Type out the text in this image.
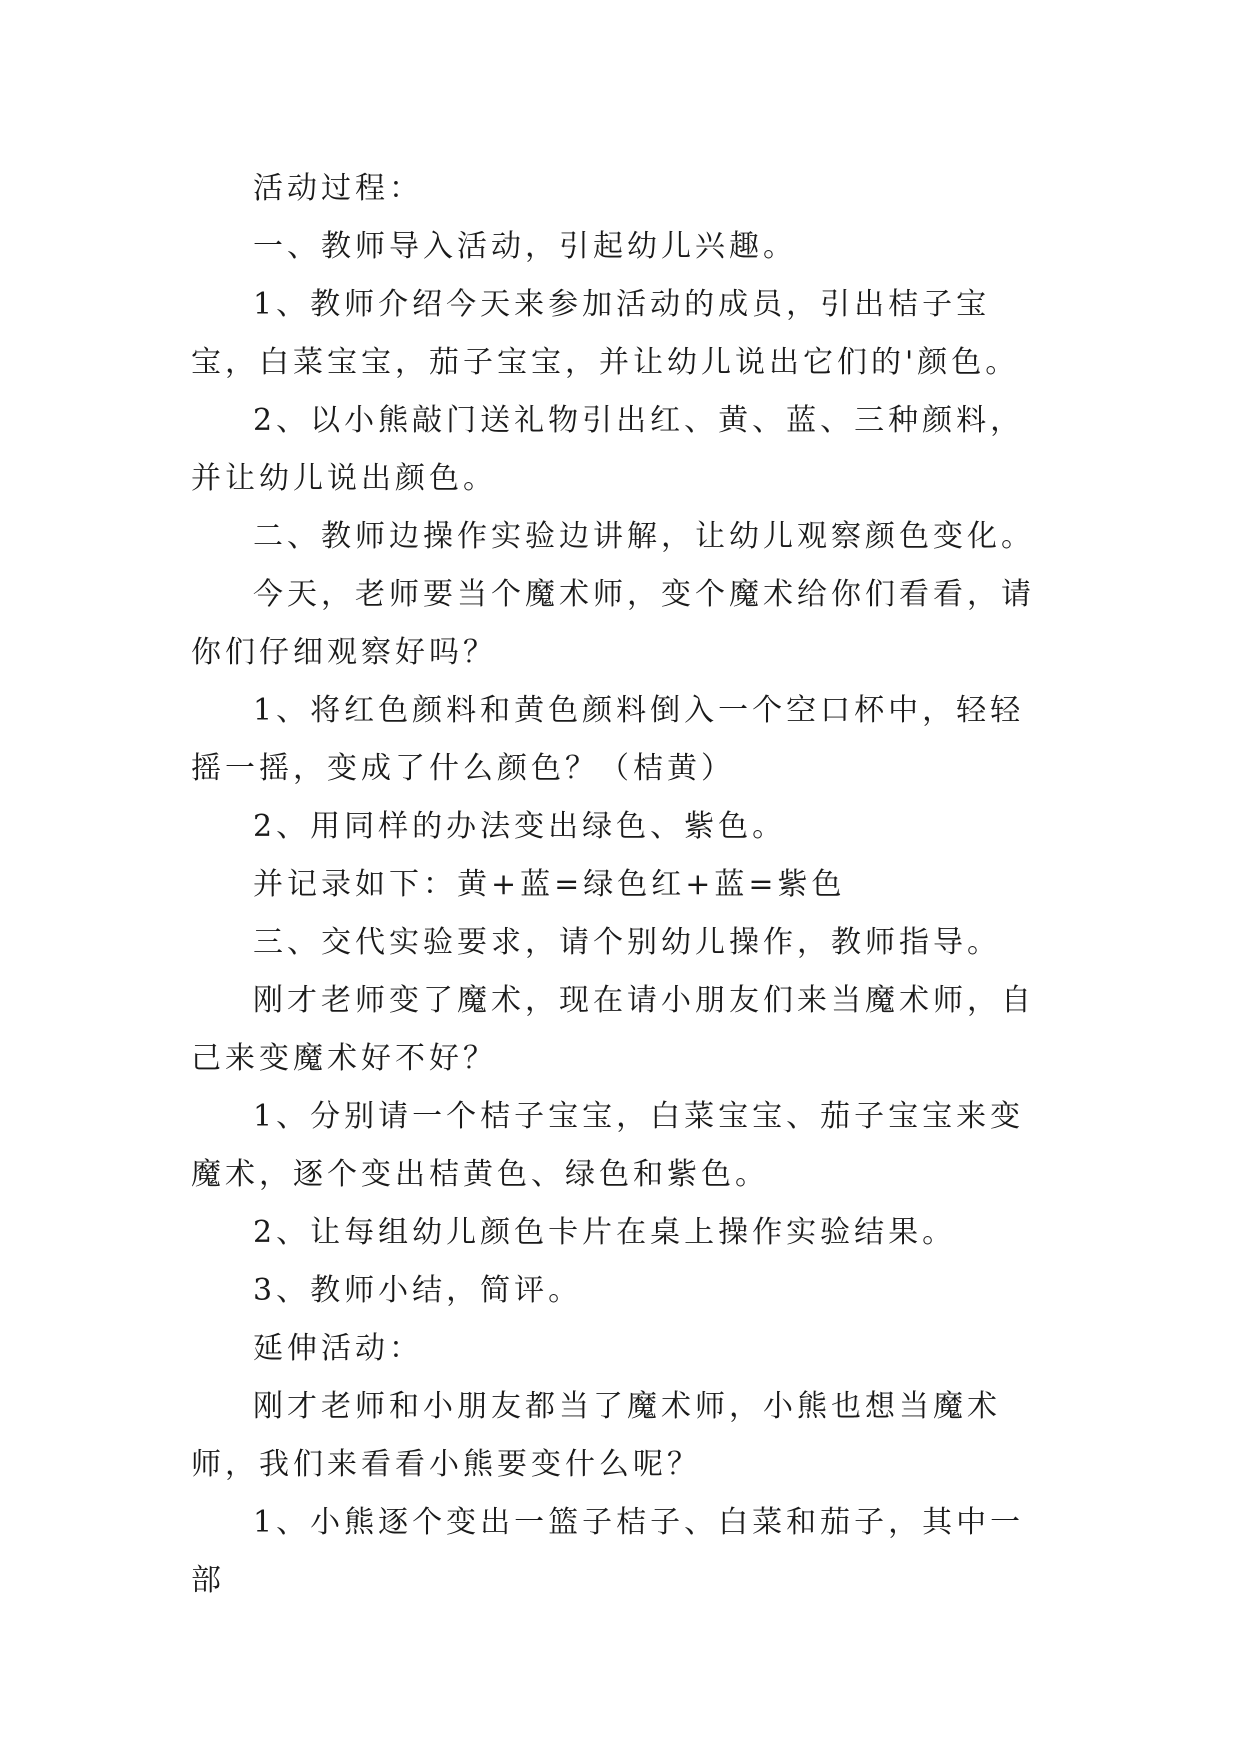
活动过程：

一、教师导入活动，引起幼儿兴趣。

1、教师介绍今天来参加活动的成员，引出桔子宝宝，白菜宝宝，茄子宝宝，并让幼儿说出它们的'颜色。

2、以小熊敲门送礼物引出红、黄、蓝、三种颜料，并让幼儿说出颜色。

二、教师边操作实验边讲解，让幼儿观察颜色变化。

今天，老师要当个魔术师，变个魔术给你们看看，请你们仔细观察好吗？

1、将红色颜料和黄色颜料倒入一个空口杯中，轻轻摇一摇，变成了什么颜色？（桔黄）

2、用同样的办法变出绿色、紫色。

并记录如下：黄+蓝=绿色红+蓝=紫色

三、交代实验要求，请个别幼儿操作，教师指导。

刚才老师变了魔术，现在请小朋友们来当魔术师，自己来变魔术好不好？

1、分别请一个桔子宝宝，白菜宝宝、茄子宝宝来变魔术，逐个变出桔黄色、绿色和紫色。

2、让每组幼儿颜色卡片在桌上操作实验结果。

3、教师小结，简评。

延伸活动：

刚才老师和小朋友都当了魔术师，小熊也想当魔术师，我们来看看小熊要变什么呢？

1、小熊逐个变出一篮子桔子、白菜和茄子，其中一部
